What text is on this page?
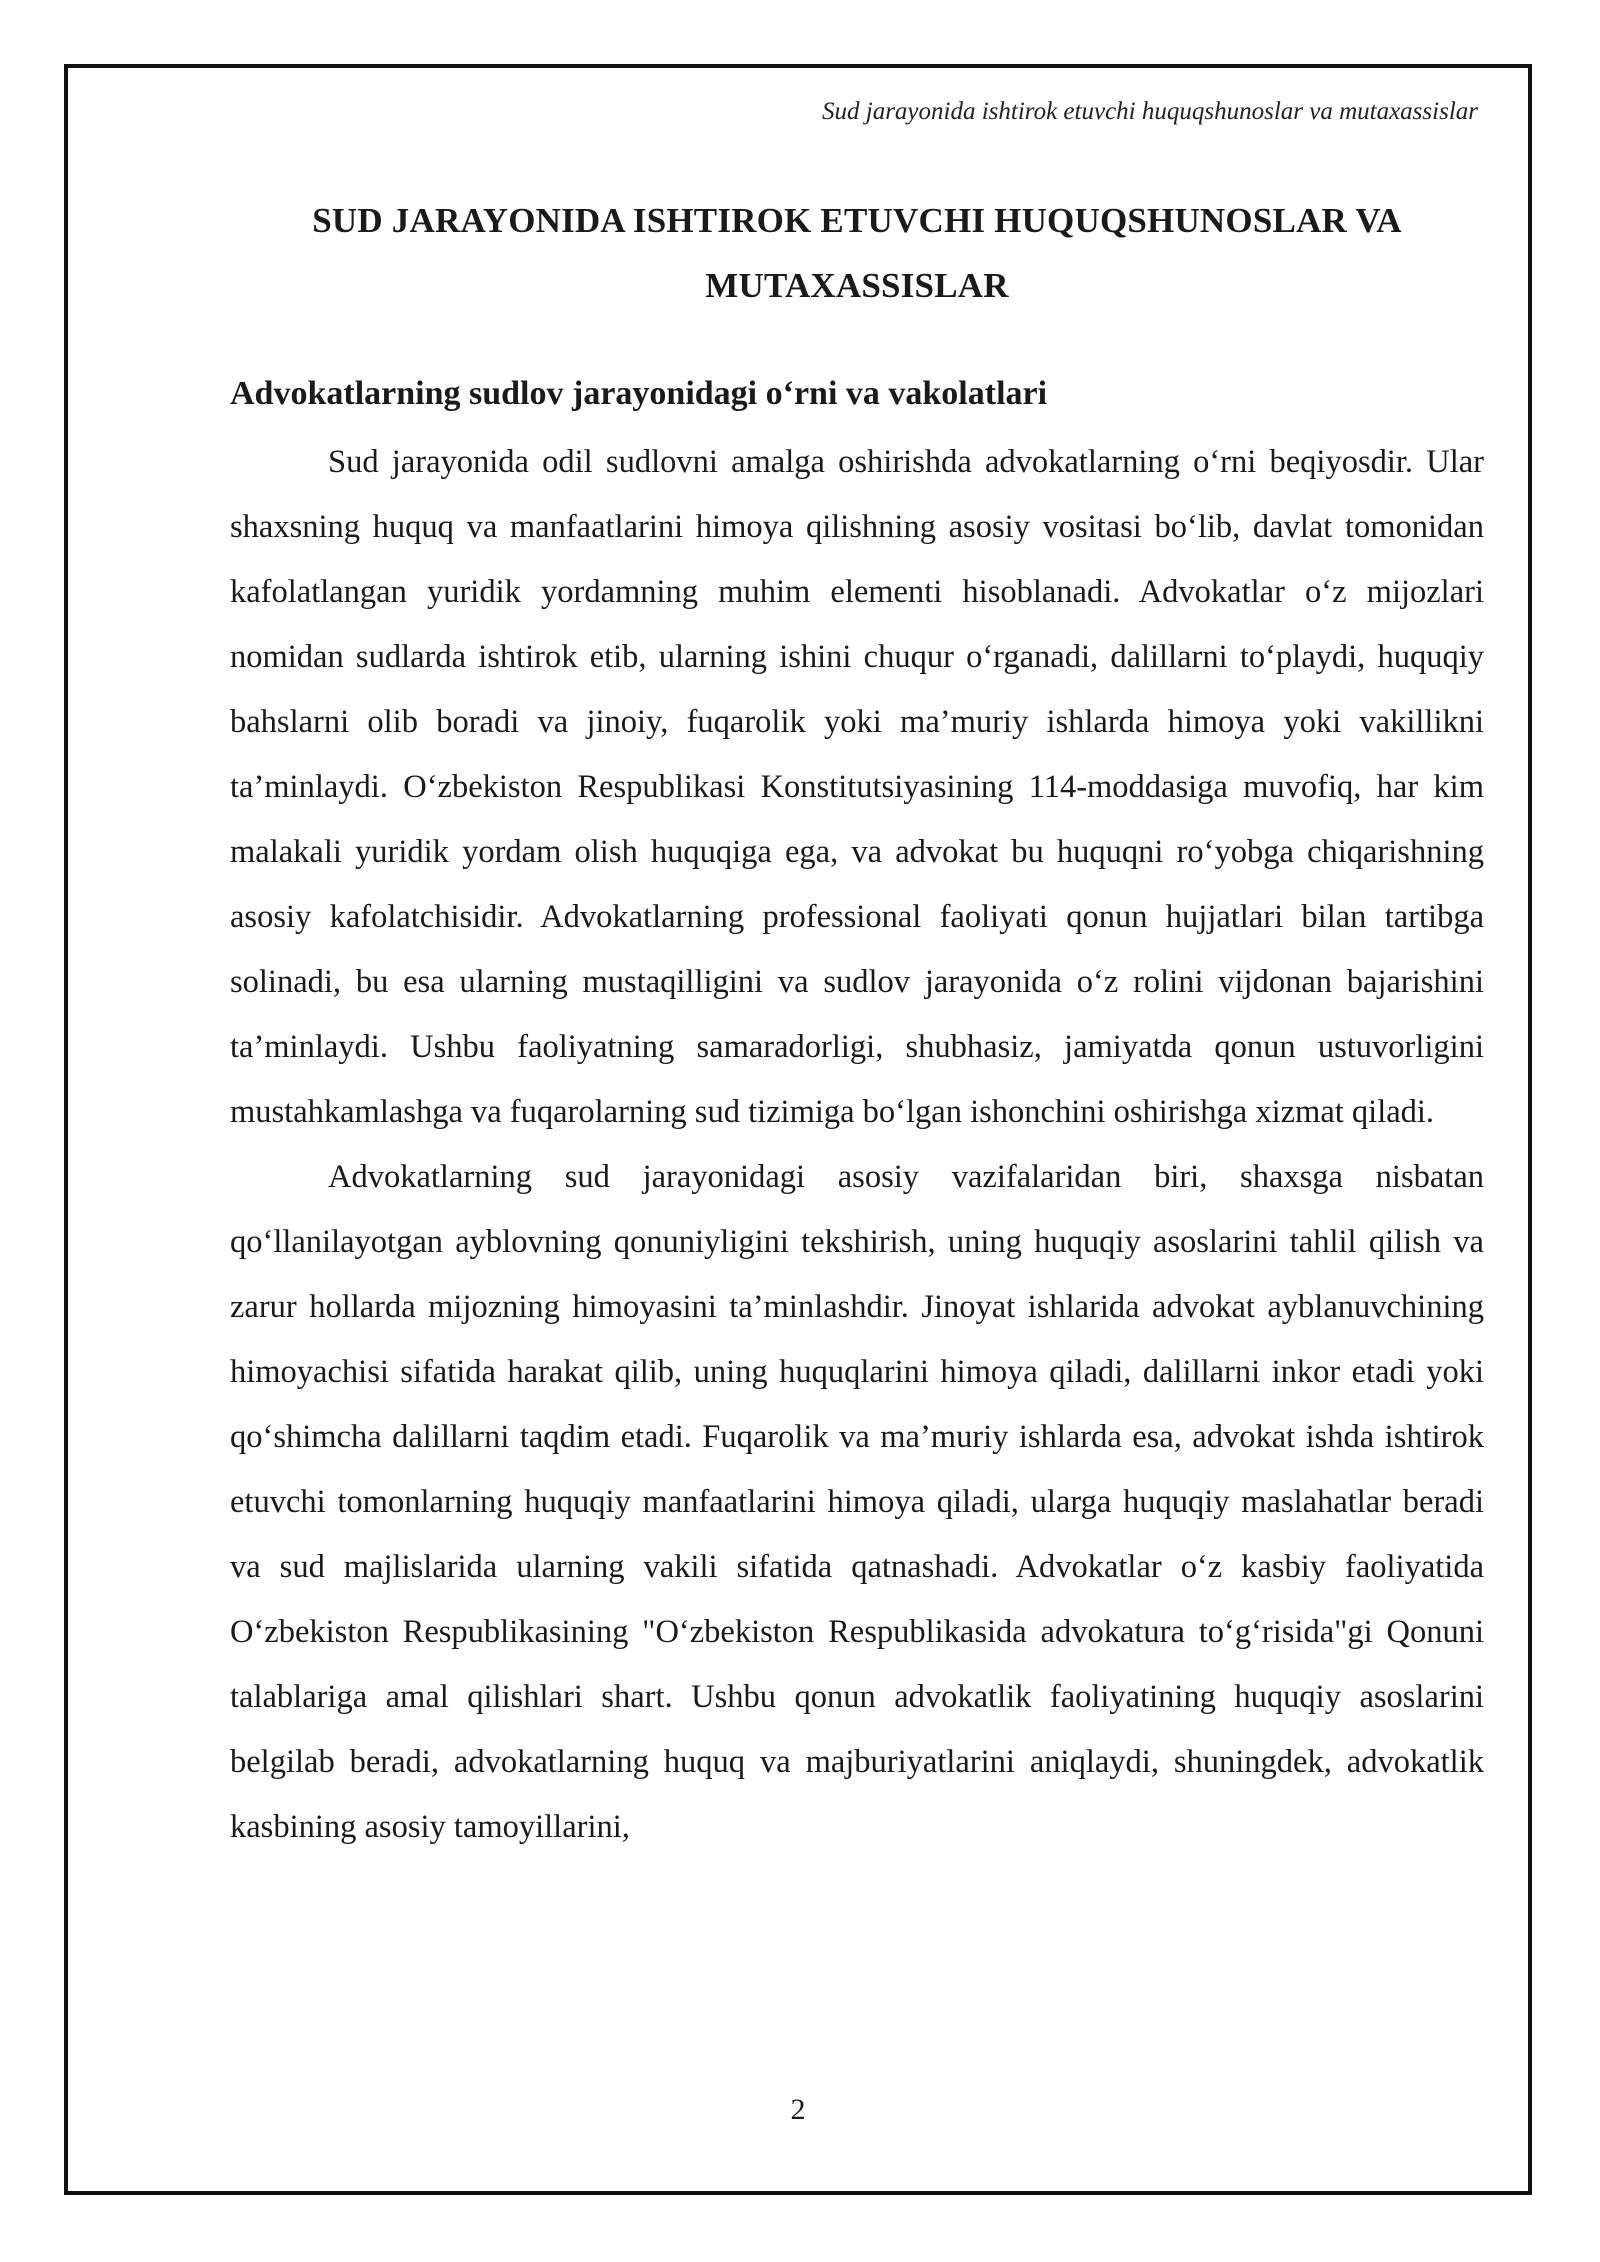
Sud jarayonida ishtirok etuvchi huquqshunoslar va mutaxassislar
SUD JARAYONIDA ISHTIROK ETUVCHI HUQUQSHUNOSLAR VA
MUTAXASSISLAR
Advokatlarning sudlov jarayonidagi o‘rni va vakolatlari

Sud jarayonida odil sudlovni amalga oshirishda advokatlarning o‘rni beqiyosdir. Ular shaxsning huquq va manfaatlarini himoya qilishning asosiy vositasi bo‘lib, davlat tomonidan kafolatlangan yuridik yordamning muhim elementi hisoblanadi. Advokatlar o‘z mijozlari nomidan sudlarda ishtirok etib, ularning ishini chuqur o‘rganadi, dalillarni to‘playdi, huquqiy bahslarni olib boradi va jinoiy, fuqarolik yoki ma’muriy ishlarda himoya yoki vakillikni ta’minlaydi. O‘zbekiston Respublikasi Konstitutsiyasining 114-moddasiga muvofiq, har kim malakali yuridik yordam olish huquqiga ega, va advokat bu huquqni ro‘yobga chiqarishning asosiy kafolatchisidir. Advokatlarning professional faoliyati qonun hujjatlari bilan tartibga solinadi, bu esa ularning mustaqilligini va sudlov jarayonida o‘z rolini vijdonan bajarishini ta’minlaydi. Ushbu faoliyatning samaradorligi, shubhasiz, jamiyatda qonun ustuvorligini mustahkamlashga va fuqarolarning sud tizimiga bo‘lgan ishonchini oshirishga xizmat qiladi.

Advokatlarning sud jarayonidagi asosiy vazifalaridan biri, shaxsga nisbatan qo‘llanilayotgan ayblovning qonuniyligini tekshirish, uning huquqiy asoslarini tahlil qilish va zarur hollarda mijozning himoyasini ta’minlashdir. Jinoyat ishlarida advokat ayblanuvchining himoyachisi sifatida harakat qilib, uning huquqlarini himoya qiladi, dalillarni inkor etadi yoki qo‘shimcha dalillarni taqdim etadi. Fuqarolik va ma’muriy ishlarda esa, advokat ishda ishtirok etuvchi tomonlarning huquqiy manfaatlarini himoya qiladi, ularga huquqiy maslahatlar beradi va sud majlislarida ularning vakili sifatida qatnashadi. Advokatlar o‘z kasbiy faoliyatida O‘zbekiston Respublikasining "O‘zbekiston Respublikasida advokatura to‘g‘risida"gi Qonuni talablariga amal qilishlari shart. Ushbu qonun advokatlik faoliyatining huquqiy asoslarini belgilab beradi, advokatlarning huquq va majburiyatlarini aniqlaydi, shuningdek, advokatlik kasbining asosiy tamoyillarini,

2
